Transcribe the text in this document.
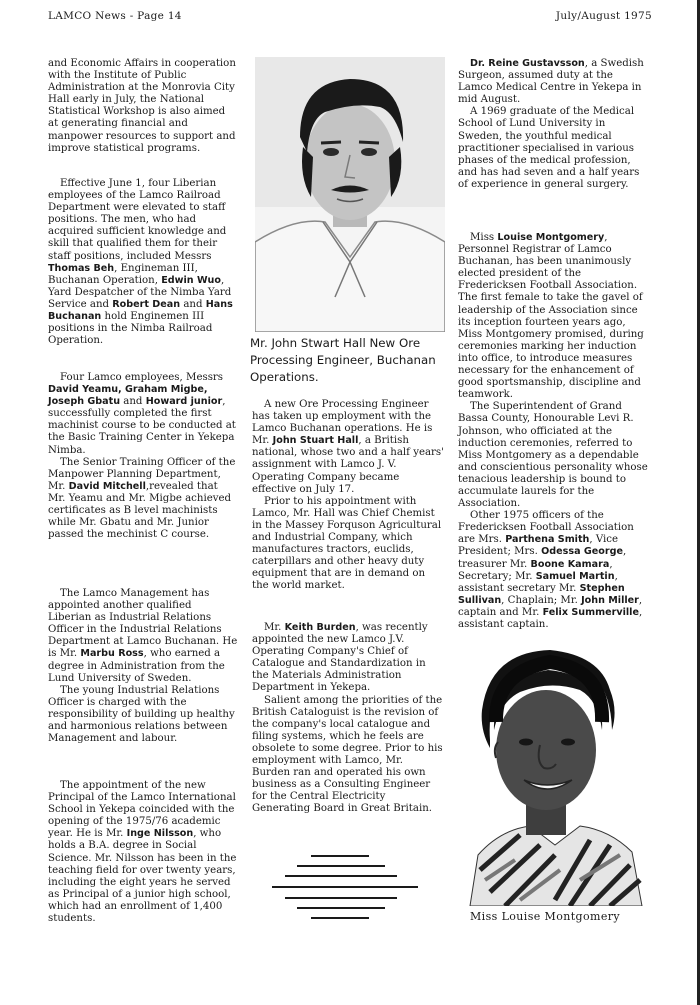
LAMCO News - Page 14	July/August 1975

and Economic Affairs in cooperation with the Institute of Public Administration at the Monrovia City Hall early in July, the National Statistical Workshop is also aimed at generating financial and manpower resources to support and improve statistical programs.

Effective June 1, four Liberian employees of the Lamco Railroad Department were elevated to staff positions. The men, who had acquired sufficient knowledge and skill that qualified them for their staff positions, included Messrs Thomas Beh, Engineman III, Buchanan Operation, Edwin Wuo, Yard Despatcher of the Nimba Yard Service and Robert Dean and Hans Buchanan hold Enginemen III positions in the Nimba Railroad Operation.

Four Lamco employees, Messrs David Yeamu, Graham Migbe, Joseph Gbatu and Howard junior, successfully completed the first machinist course to be conducted at the Basic Training Center in Yekepa Nimba.

The Senior Training Officer of the Manpower Planning Department, Mr. David Mitchell,revealed that Mr. Yeamu and Mr. Migbe achieved certificates as B level machinists while Mr. Gbatu and Mr. Junior passed the mechinist C course.

The Lamco Management has appointed another qualified Liberian as Industrial Relations Officer in the Industrial Relations Department at Lamco Buchanan. He is Mr. Marbu Ross, who earned a degree in Administration from the Lund University of Sweden.

The young Industrial Relations Officer is charged with the responsibility of building up healthy and harmonious relations between Management and labour.

The appointment of the new Principal of the Lamco International School in Yekepa coincided with the opening of the 1975/76 academic year. He is Mr. Inge Nilsson, who holds a B.A. degree in Social Science. Mr. Nilsson has been in the teaching field for over twenty years, including the eight years he served as Principal of a junior high school, which had an enrollment of 1,400 students.

Mr. John Stwart Hall New Ore Processing Engineer, Buchanan Operations.

A new Ore Processing Engineer has taken up employment with the Lamco Buchanan operations. He is Mr. John Stuart Hall, a British national, whose two and a half years' assignment with Lamco J. V. Operating Company became effective on July 17.

Prior to his appointment with Lamco, Mr. Hall was Chief Chemist in the Massey Forquson Agricultural and Industrial Company, which manufactures tractors, euclids, caterpillars and other heavy duty equipment that are in demand on the world market.

Mr. Keith Burden, was recently appointed the new Lamco J.V. Operating Company's Chief of Catalogue and Standardization in the Materials Administration Department in Yekepa.

Salient among the priorities of the British Cataloguist is the revision of the company's local catalogue and filing systems, which he feels are obsolete to some degree. Prior to his employment with Lamco, Mr. Burden ran and operated his own business as a Consulting Engineer for the Central Electricity Generating Board in Great Britain.

Dr. Reine Gustavsson, a Swedish Surgeon, assumed duty at the Lamco Medical Centre in Yekepa in mid August.

A 1969 graduate of the Medical School of Lund University in Sweden, the youthful medical practitioner specialised in various phases of the medical profession, and has had seven and a half years of experience in general surgery.

Miss Louise Montgomery, Personnel Registrar of Lamco Buchanan, has been unanimously elected president of the Fredericksen Football Association. The first female to take the gavel of leadership of the Association since its inception fourteen years ago, Miss Montgomery promised, during ceremonies marking her induction into office, to introduce measures necessary for the enhancement of good sportsmanship, discipline and teamwork.

The Superintendent of Grand Bassa County, Honourable Levi R. Johnson, who officiated at the induction ceremonies, referred to Miss Montgomery as a dependable and conscientious personality whose tenacious leadership is bound to accumulate laurels for the Association.

Other 1975 officers of the Fredericksen Football Association are Mrs. Parthena Smith, Vice President; Mrs. Odessa George, treasurer Mr. Boone Kamara, Secretary; Mr. Samuel Martin, assistant secretary Mr. Stephen Sullivan, Chaplain; Mr. John Miller, captain and Mr. Felix Summerville, assistant captain.

Miss Louise Montgomery
